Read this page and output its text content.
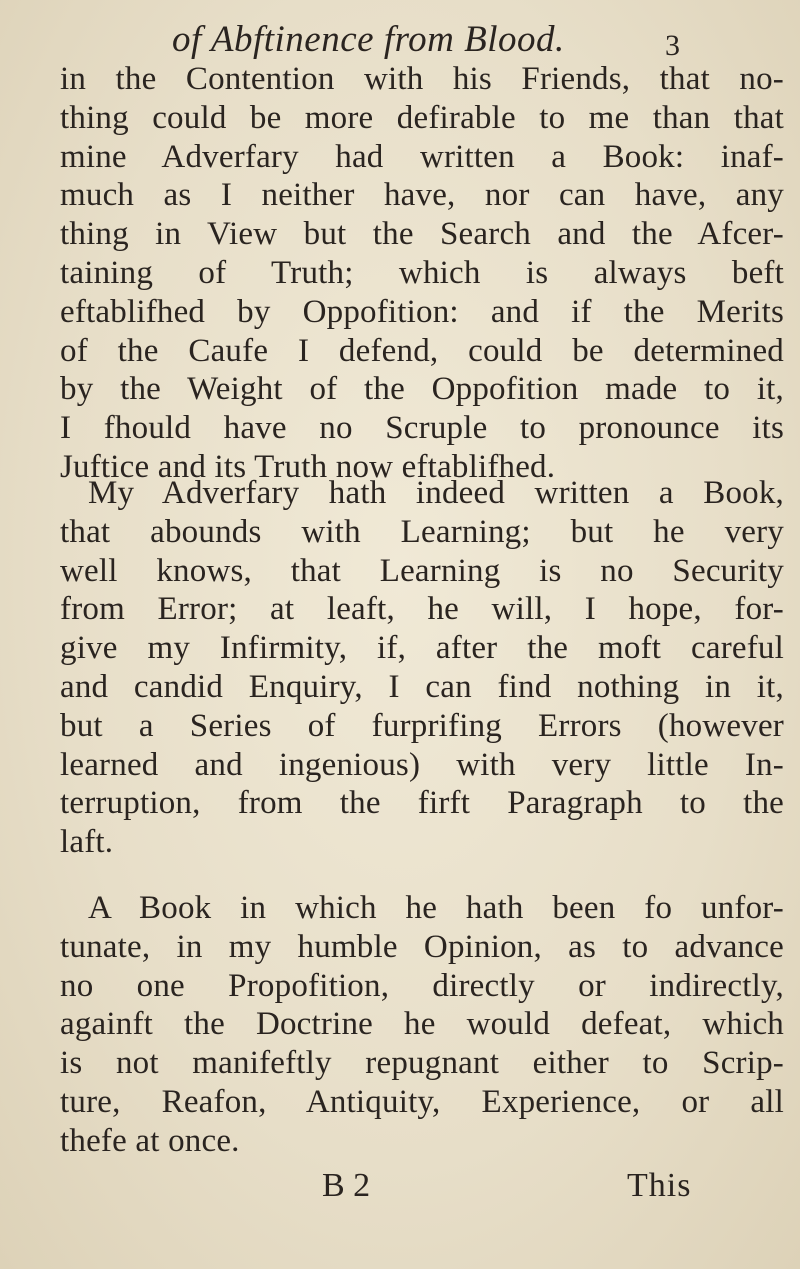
of Abftinence from Blood.	3
in the Contention with his Friends, that no-
thing could be more defirable to me than that
mine Adverfary had written a Book: inaf-
much as I neither have, nor can have, any
thing in View but the Search and the Afcer-
taining of Truth; which is always beft
eftablifhed by Oppofition: and if the Merits
of the Caufe I defend, could be determined
by the Weight of the Oppofition made to it,
I fhould have no Scruple to pronounce its
Juftice and its Truth now eftablifhed.
My Adverfary hath indeed written a Book,
that abounds with Learning; but he very
well knows, that Learning is no Security
from Error; at leaft, he will, I hope, for-
give my Infirmity, if, after the moft careful
and candid Enquiry, I can find nothing in it,
but a Series of furprifing Errors (however
learned and ingenious) with very little In-
terruption, from the firft Paragraph to the
laft.
A Book in which he hath been fo unfor-
tunate, in my humble Opinion, as to advance
no one Propofition, directly or indirectly,
againft the Doctrine he would defeat, which
is not manifeftly repugnant either to Scrip-
ture, Reafon, Antiquity, Experience, or all
thefe at once.
B 2	This
